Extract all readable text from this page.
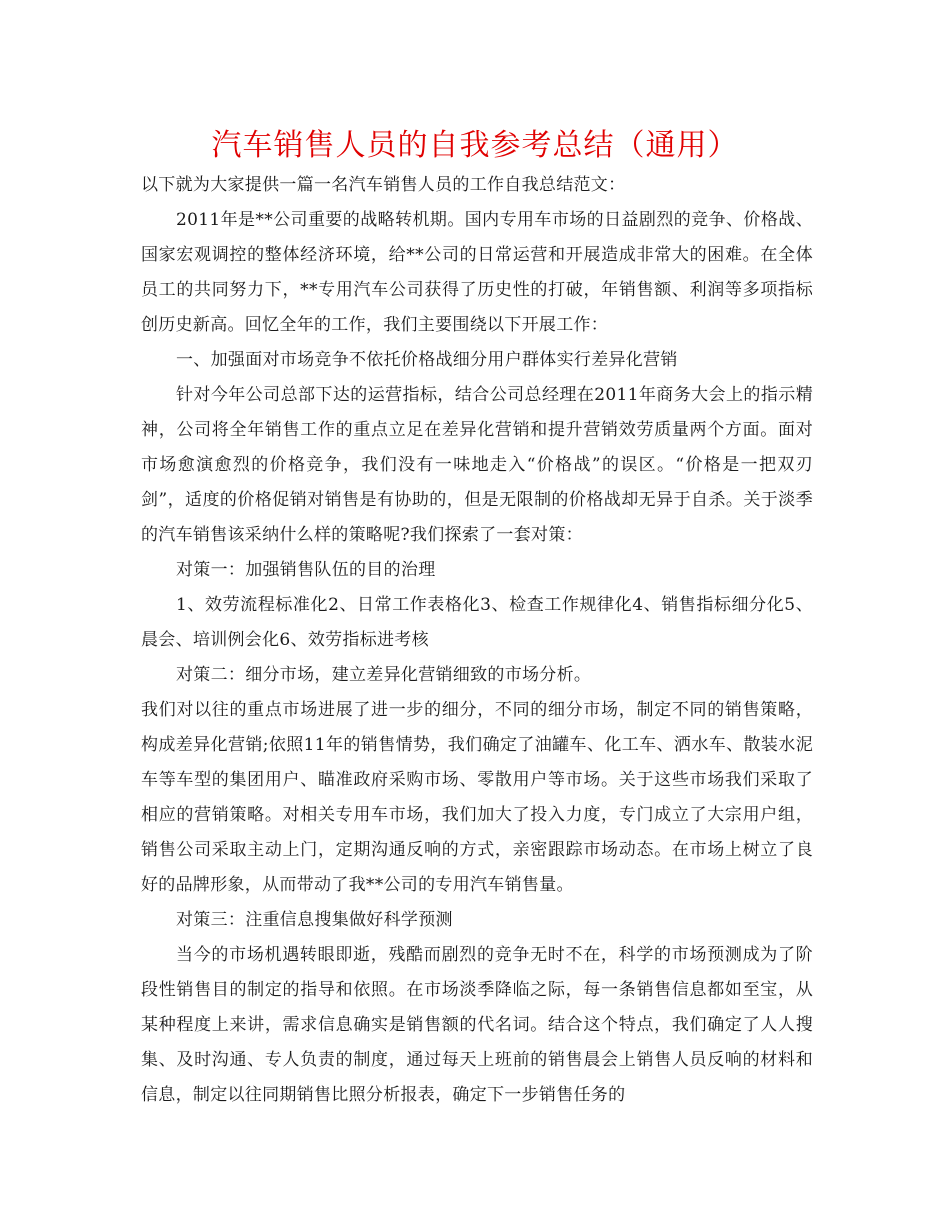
汽车销售人员的自我参考总结（通用）

以下就为大家提供一篇一名汽车销售人员的工作自我总结范文：

2011年是**公司重要的战略转机期。国内专用车市场的日益剧烈的竞争、价格战、国家宏观调控的整体经济环境，给**公司的日常运营和开展造成非常大的困难。在全体员工的共同努力下，**专用汽车公司获得了历史性的打破，年销售额、利润等多项指标创历史新高。回忆全年的工作，我们主要围绕以下开展工作：

一、加强面对市场竞争不依托价格战细分用户群体实行差异化营销

针对今年公司总部下达的运营指标，结合公司总经理在2011年商务大会上的指示精神，公司将全年销售工作的重点立足在差异化营销和提升营销效劳质量两个方面。面对市场愈演愈烈的价格竞争，我们没有一味地走入“价格战”的误区。“价格是一把双刃剑”，适度的价格促销对销售是有协助的，但是无限制的价格战却无异于自杀。关于淡季的汽车销售该采纳什么样的策略呢?我们探索了一套对策：

对策一：加强销售队伍的目的治理

1、效劳流程标准化2、日常工作表格化3、检查工作规律化4、销售指标细分化5、晨会、培训例会化6、效劳指标进考核

对策二：细分市场，建立差异化营销细致的市场分析。

我们对以往的重点市场进展了进一步的细分，不同的细分市场，制定不同的销售策略，构成差异化营销;依照11年的销售情势，我们确定了油罐车、化工车、洒水车、散装水泥车等车型的集团用户、瞄准政府采购市场、零散用户等市场。关于这些市场我们采取了相应的营销策略。对相关专用车市场，我们加大了投入力度，专门成立了大宗用户组，销售公司采取主动上门，定期沟通反响的方式，亲密跟踪市场动态。在市场上树立了良好的品牌形象，从而带动了我**公司的专用汽车销售量。

对策三：注重信息搜集做好科学预测

当今的市场机遇转眼即逝，残酷而剧烈的竞争无时不在，科学的市场预测成为了阶段性销售目的制定的指导和依照。在市场淡季降临之际，每一条销售信息都如至宝，从某种程度上来讲，需求信息确实是销售额的代名词。结合这个特点，我们确定了人人搜集、及时沟通、专人负责的制度，通过每天上班前的销售晨会上销售人员反响的材料和信息，制定以往同期销售比照分析报表，确定下一步销售任务的
